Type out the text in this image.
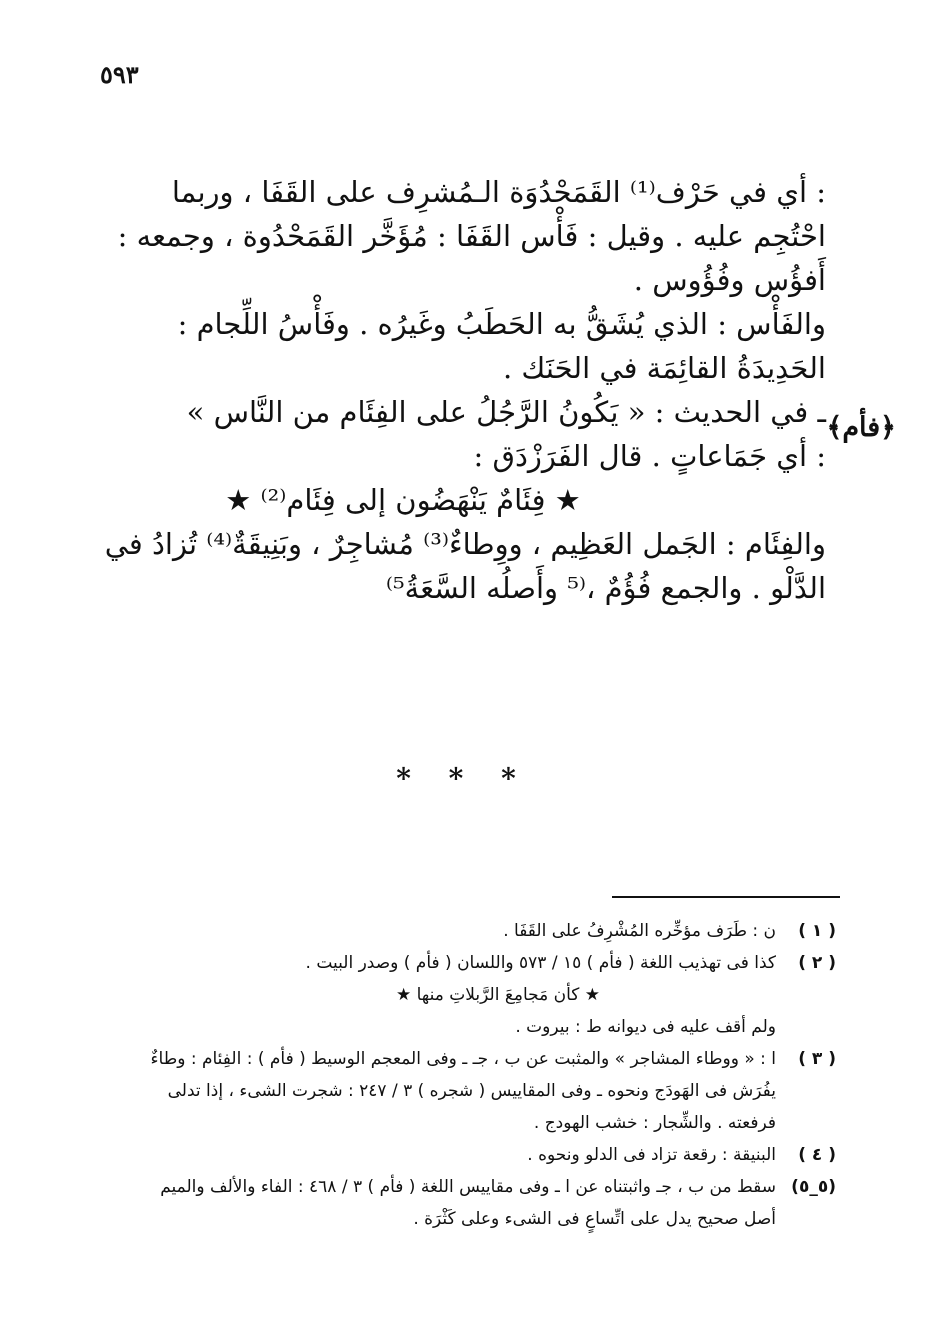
٥٩٣
﴿فأم﴾

: أي في حَرْف⁽¹⁾ القَمَحْدُوَة الـمُشرِف على القَفَا ، وربما

احْتُجِم عليه . وقيل : فَأْس القَفَا : مُؤَخَّر القَمَحْدُوة ، وجمعه :

أَفؤُس وفُؤُوس .

والفَأْس : الذي يُشَقُّ به الحَطَبُ وغَيرُه . وفَأْسُ اللِّجام :

الحَدِيدَةُ القائِمَة في الحَنَك .

ـ في الحديث : « يَكُونُ الرَّجُلُ على الفِئَام من النَّاس »

: أي جَمَاعاتٍ . قال الفَرَزْدَق :

★ فِئَامٌ يَنْهَضُون إلى فِئَام⁽²⁾ ★

والفِئَام : الجَمل العَظِيم ، ووِطاءٌ⁽³⁾ مُشاجِرٌ ، وبَنِيقَةٌ⁽⁴⁾ تُزادُ في

الدَّلْو . والجمع فُؤُمٌ ،⁽⁵ وأَصلُه السَّعَةُ⁵⁾

* * *
( ١ )
ن : طَرَف مؤخِّره المُشْرِفُ على القَفَا .
( ٢ )
كذا فى تهذيب اللغة ( فأم ) ١٥ / ٥٧٣ واللسان ( فأم ) وصدر البيت .
★ كأن مَجامِعَ الرَّبلاتِ منها ★
ولم أقف عليه فى ديوانه ط : بيروت .
( ٣ )
ا : « ووطاء المشاجر » والمثبت عن ب ، جـ ـ وفى المعجم الوسيط ( فأم ) : الفِئام : وطاءٌ
يفُرَش فى الهَودَج ونحوه ـ وفى المقاييس ( شجره ) ٣ / ٢٤٧ : شجرت الشىء ، إذا تدلى
فرفعته . والشِّجار : خشب الهودج .
( ٤ )
البنيقة : رقعة تزاد فى الدلو ونحوه .
(٥_٥)
سقط من ب ، جـ واثبتناه عن ا ـ وفى مقاييس اللغة ( فأم ) ٣ / ٤٦٨ : الفاء والألف والميم
أصل صحيح يدل على اتِّساعٍ فى الشىء وعلى كَثْرَة .
